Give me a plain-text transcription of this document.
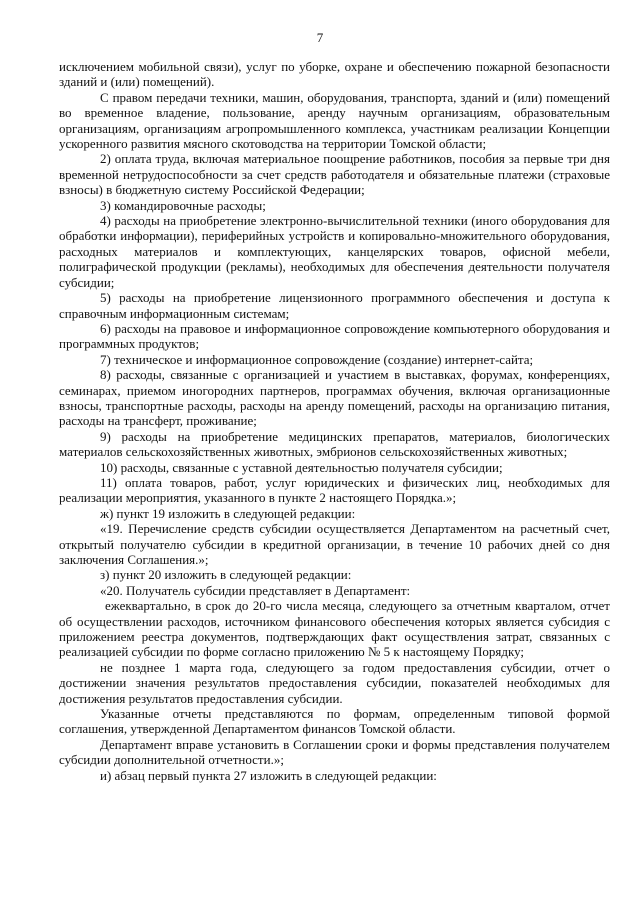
7

исключением мобильной связи), услуг по уборке, охране и обеспечению пожарной безопасности зданий и (или) помещений).

С правом передачи техники, машин, оборудования, транспорта, зданий и (или) помещений во временное владение, пользование, аренду научным организациям, образовательным организациям, организациям агропромышленного комплекса, участникам реализации Концепции ускоренного развития мясного скотоводства на территории Томской области;

2) оплата труда, включая материальное поощрение работников, пособия за первые три дня временной нетрудоспособности за счет средств работодателя и обязательные платежи (страховые взносы) в бюджетную систему Российской Федерации;

3) командировочные расходы;

4) расходы на приобретение электронно-вычислительной техники (иного оборудования для обработки информации), периферийных устройств и копировально-множительного оборудования, расходных материалов и комплектующих, канцелярских товаров, офисной мебели, полиграфической продукции (рекламы), необходимых для обеспечения деятельности получателя субсидии;

5) расходы на приобретение лицензионного программного обеспечения и доступа к справочным информационным системам;

6) расходы на правовое и информационное сопровождение компьютерного оборудования и программных продуктов;

7) техническое и информационное сопровождение (создание) интернет-сайта;

8) расходы, связанные с организацией и участием в выставках, форумах, конференциях, семинарах, приемом иногородних партнеров, программах обучения, включая организационные взносы, транспортные расходы, расходы на аренду помещений, расходы на организацию питания, расходы на трансферт, проживание;

9) расходы на приобретение медицинских препаратов, материалов, биологических материалов сельскохозяйственных животных, эмбрионов сельскохозяйственных животных;

10) расходы, связанные с уставной деятельностью получателя субсидии;

11) оплата товаров, работ, услуг юридических и физических лиц, необходимых для реализации мероприятия, указанного в пункте 2 настоящего Порядка.»;

ж) пункт 19 изложить в следующей редакции:

«19. Перечисление средств субсидии осуществляется Департаментом на расчетный счет, открытый получателю субсидии в кредитной организации, в течение 10 рабочих дней со дня заключения Соглашения.»;

з) пункт 20 изложить в следующей редакции:

«20. Получатель субсидии представляет в Департамент:

ежеквартально, в срок до 20-го числа месяца, следующего за отчетным кварталом, отчет об осуществлении расходов, источником финансового обеспечения которых является субсидия с приложением реестра документов, подтверждающих факт осуществления затрат, связанных с реализацией субсидии по форме согласно приложению № 5 к настоящему Порядку;

не позднее 1 марта года, следующего за годом предоставления субсидии, отчет о достижении значения результатов предоставления субсидии, показателей необходимых для достижения результатов предоставления субсидии.

Указанные отчеты представляются по формам, определенным типовой формой соглашения, утвержденной Департаментом финансов Томской области.

Департамент вправе установить в Соглашении сроки и формы представления получателем субсидии дополнительной отчетности.»;

и) абзац первый пункта 27 изложить в следующей редакции:
